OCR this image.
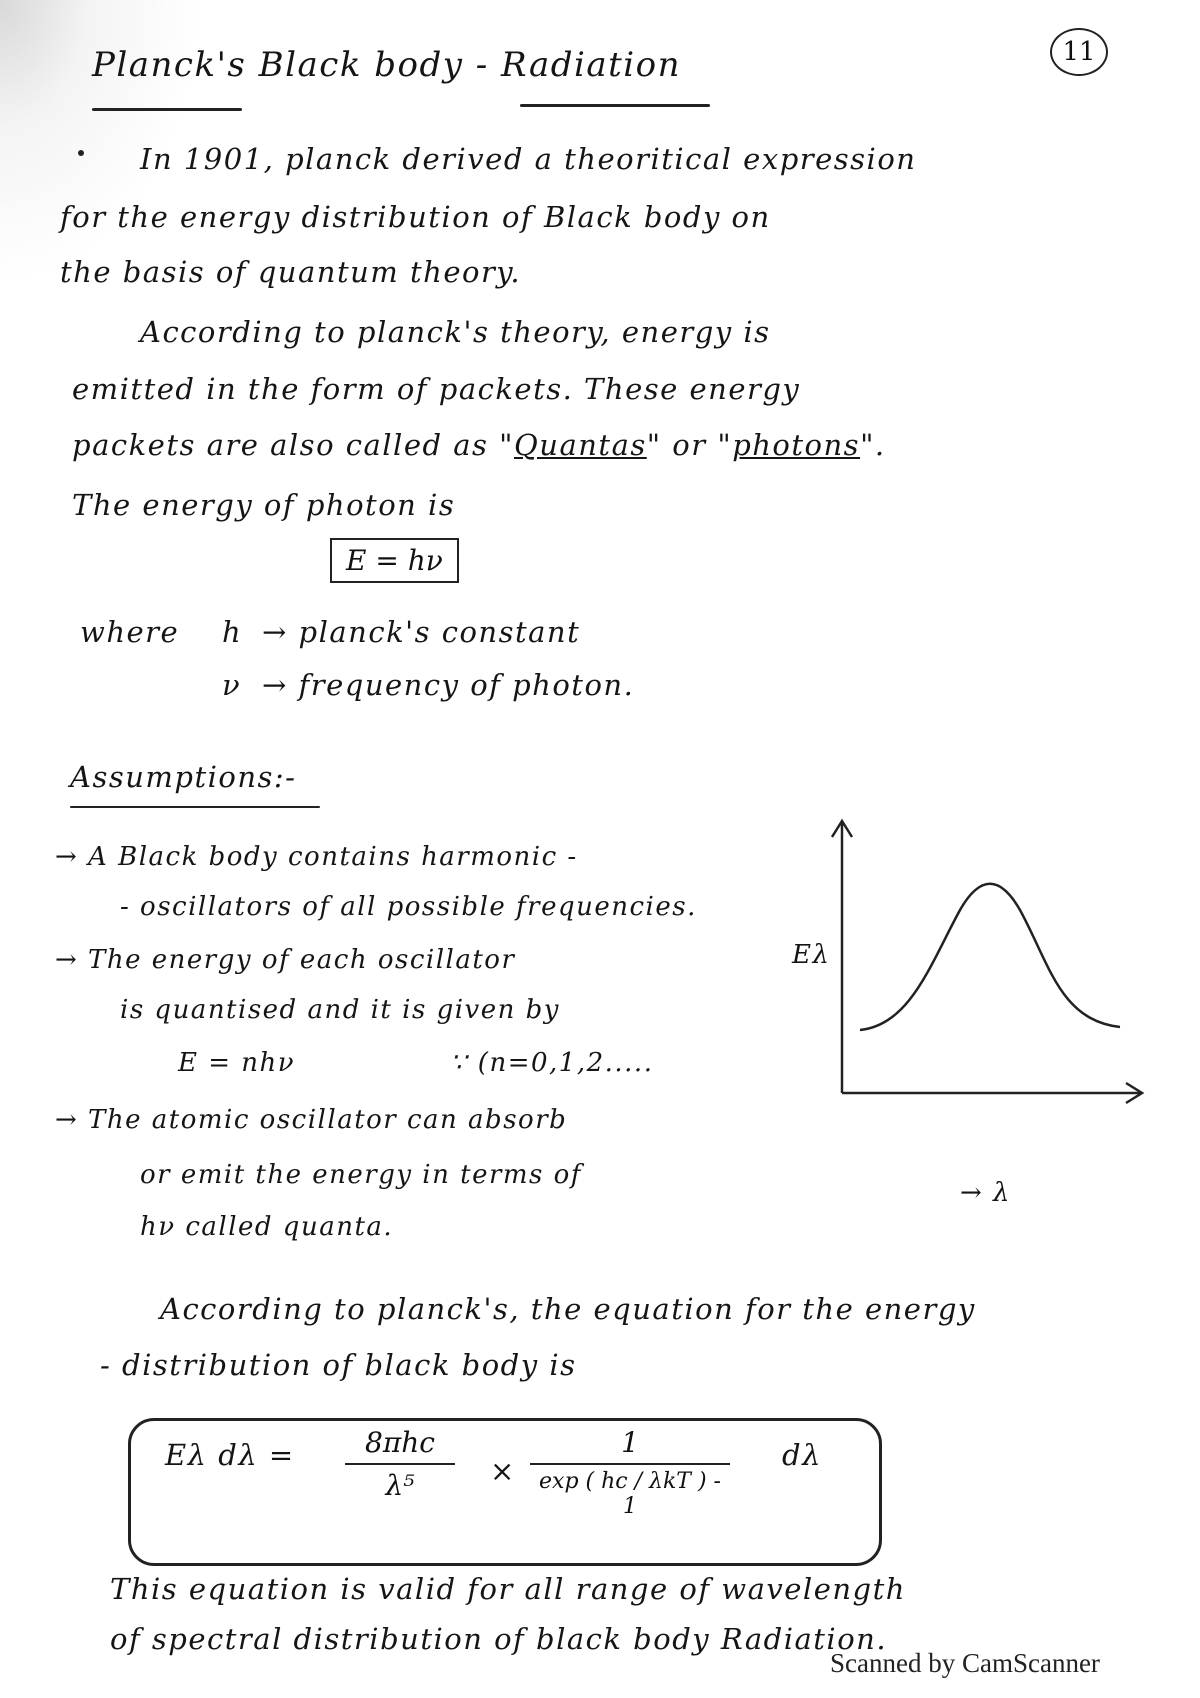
Planck's Black body - Radiation	11
In 1901, planck derived a theoritical expression
for the energy distribution of Black body on
the basis of quantum theory.
According to planck's theory, energy is
emitted in the form of packets. These energy
packets are also called as "Quantas" or "photons".
The energy of photon is
E = hν
where h → planck's constant
ν → frequency of photon.
Assumptions:-
→ A Black body contains harmonic -
- oscillators of all possible frequencies.
→ The energy of each oscillator
is quantised and it is given by
E = nhν	∵ (n=0,1,2.....
→ The atomic oscillator can absorb
or emit the energy in terms of
hν called quanta.
Eλ
→ λ
According to planck's, the equation for the energy
- distribution of black body is
Eλ dλ =	8πhc
λ⁵	×
1
exp ( hc / λkT ) - 1
dλ
This equation is valid for all range of wavelength
of spectral distribution of black body Radiation.
Scanned by CamScanner
